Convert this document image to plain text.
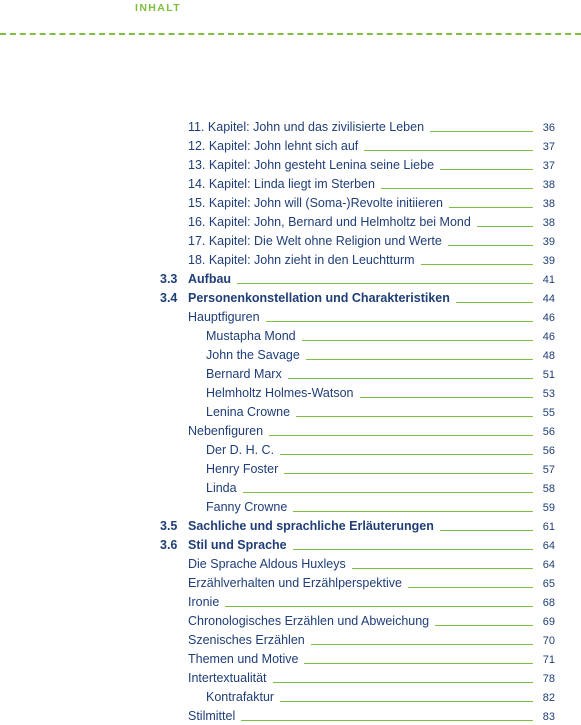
INHALT
11. Kapitel: John und das zivilisierte Leben	36
12. Kapitel: John lehnt sich auf	37
13. Kapitel: John gesteht Lenina seine Liebe	37
14. Kapitel: Linda liegt im Sterben	38
15. Kapitel: John will (Soma-)Revolte initiieren	38
16. Kapitel: John, Bernard und Helmholtz bei Mond	38
17. Kapitel: Die Welt ohne Religion und Werte	39
18. Kapitel: John zieht in den Leuchtturm	39
3.3 Aufbau	41
3.4 Personenkonstellation und Charakteristiken	44
Hauptfiguren	46
Mustapha Mond	46
John the Savage	48
Bernard Marx	51
Helmholtz Holmes-Watson	53
Lenina Crowne	55
Nebenfiguren	56
Der D. H. C.	56
Henry Foster	57
Linda	58
Fanny Crowne	59
3.5 Sachliche und sprachliche Erläuterungen	61
3.6 Stil und Sprache	64
Die Sprache Aldous Huxleys	64
Erzählverhalten und Erzählperspektive	65
Ironie	68
Chronologisches Erzählen und Abweichung	69
Szenisches Erzählen	70
Themen und Motive	71
Intertextualität	78
Kontrafaktur	82
Stilmittel	83
